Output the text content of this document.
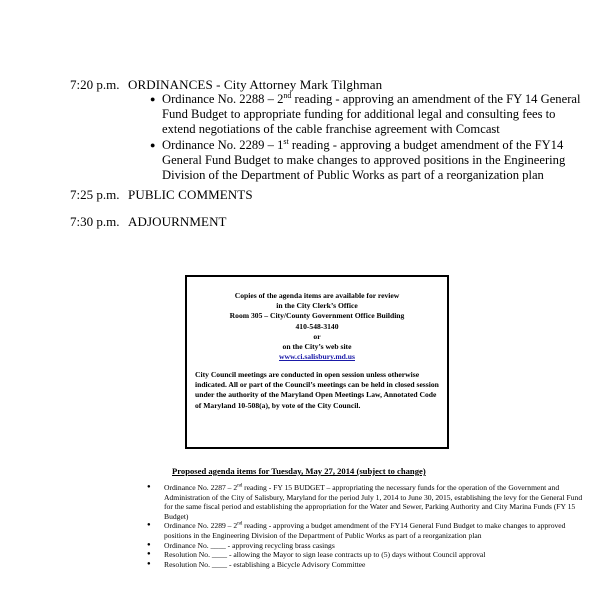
7:20 p.m. ORDINANCES - City Attorney Mark Tilghman
● Ordinance No. 2288 – 2nd reading - approving an amendment of the FY 14 General Fund Budget to appropriate funding for additional legal and consulting fees to extend negotiations of the cable franchise agreement with Comcast
● Ordinance No. 2289 – 1st reading - approving a budget amendment of the FY14 General Fund Budget to make changes to approved positions in the Engineering Division of the Department of Public Works as part of a reorganization plan
7:25 p.m. PUBLIC COMMENTS
7:30 p.m. ADJOURNMENT
Copies of the agenda items are available for review
in the City Clerk’s Office
Room 305 – City/County Government Office Building
410-548-3140
or
on the City’s web site
www.ci.salisbury.md.us
City Council meetings are conducted in open session unless otherwise indicated. All or part of the Council’s meetings can be held in closed session under the authority of the Maryland Open Meetings Law, Annotated Code of Maryland 10-508(a), by vote of the City Council.
Proposed agenda items for Tuesday, May 27, 2014 (subject to change)
●	Ordinance No. 2287 – 2nd reading - FY 15 BUDGET – appropriating the necessary funds for the operation of the Government and Administration of the City of Salisbury, Maryland for the period July 1, 2014 to June 30, 2015, establishing the levy for the General Fund for the same fiscal period and establishing the appropriation for the Water and Sewer, Parking Authority and City Marina Funds (FY 15 Budget)
●	Ordinance No. 2289 – 2nd reading - approving a budget amendment of the FY14 General Fund Budget to make changes to approved positions in the Engineering Division of the Department of Public Works as part of a reorganization plan
●	Ordinance No. ____ - approving recycling brass casings
●	Resolution No. ____ - allowing the Mayor to sign lease contracts up to (5) days without Council approval
●	Resolution No. ____ - establishing a Bicycle Advisory Committee
